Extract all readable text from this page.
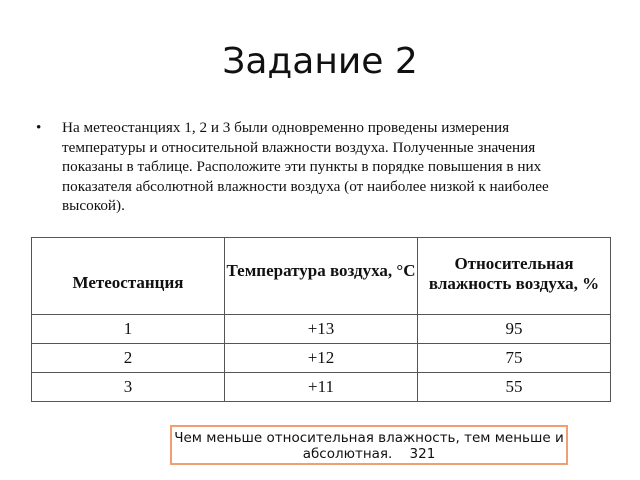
Задание 2
• На метеостанциях 1, 2 и 3 были одновременно проведены измерения температуры и относительной влажности воздуха. Полученные значения показаны в таблице. Расположите эти пункты в порядке повышения в них показателя абсолютной влажности воздуха (от наиболее низкой к наиболее высокой).
Метеостанция	Температура воздуха, °С	Относительная влажность воздуха, %

1	+13	95
2	+12	75
3	+11	55
Чем меньше относительная влажность, тем меньше и абсолютная. 321
